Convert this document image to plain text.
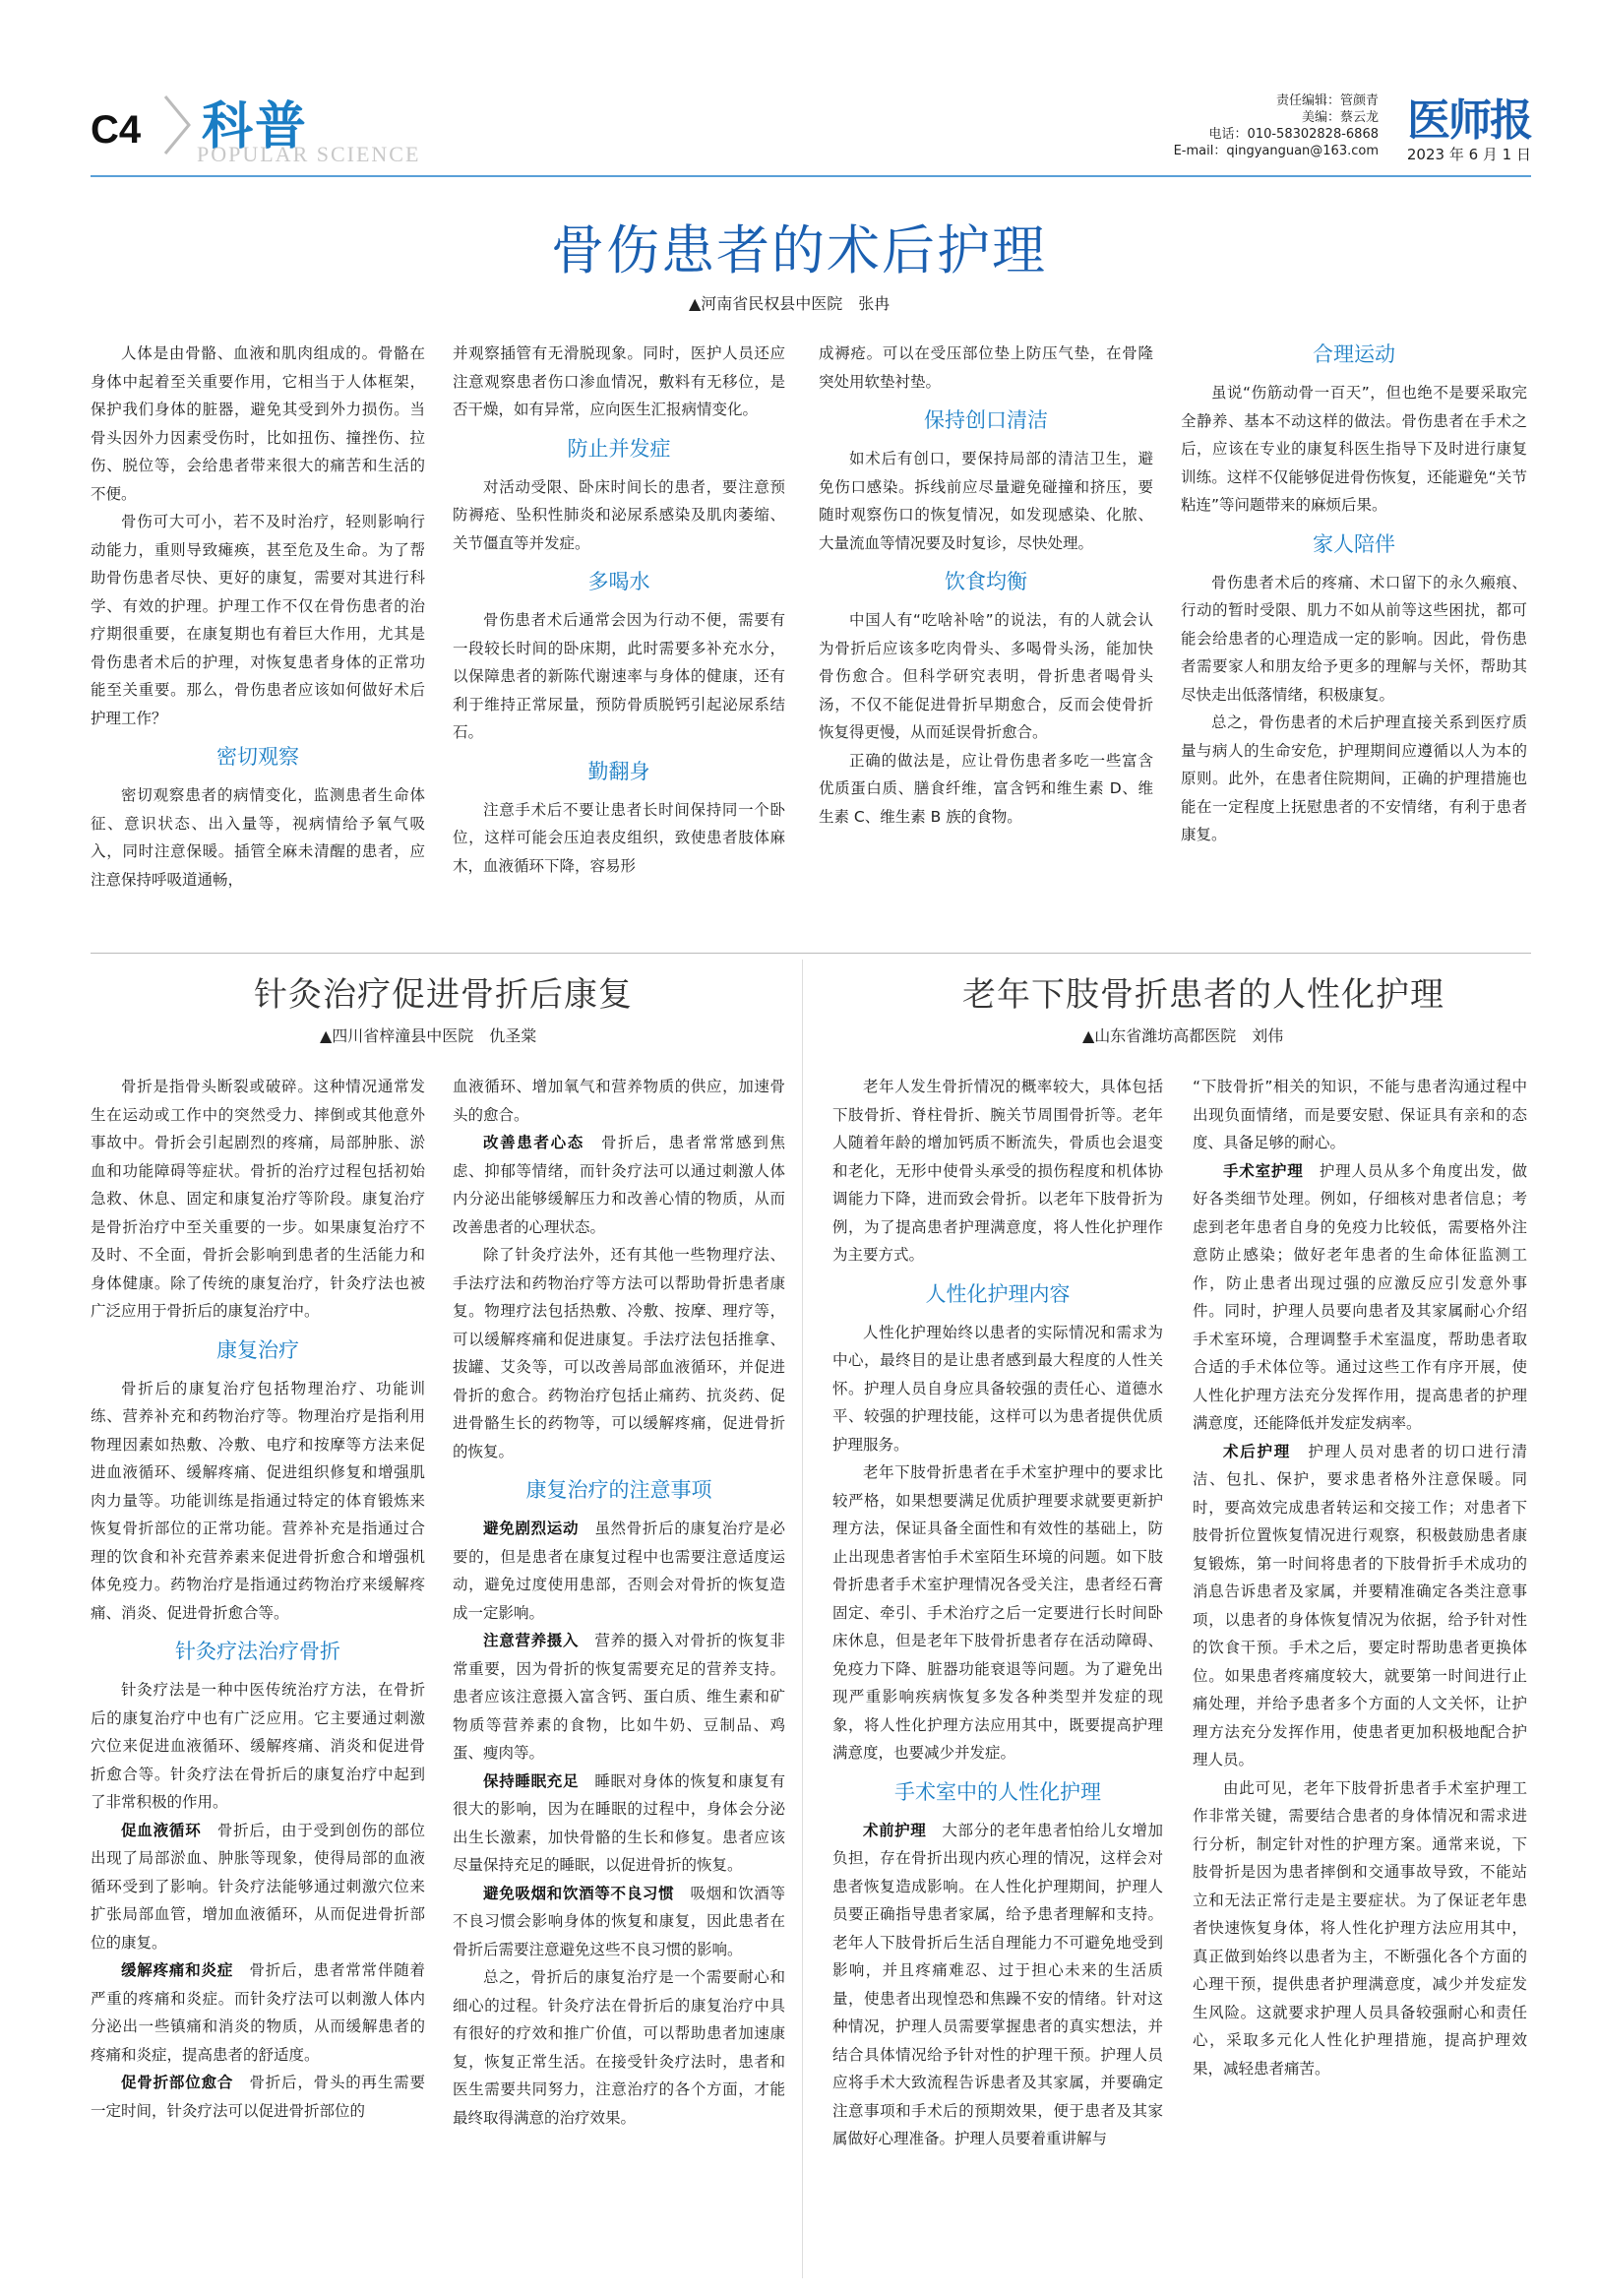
C4 科普
POPULAR SCIENCE
责任编辑：管颜青
美编：蔡云龙
电话：010-58302828-6868
E-mail：qingyanguan@163.com
医师报
2023 年 6 月 1 日
骨伤患者的术后护理
▲河南省民权县中医院　张冉

人体是由骨骼、血液和肌肉组成的。骨骼在身体中起着至关重要作用，它相当于人体框架，保护我们身体的脏器，避免其受到外力损伤。当骨头因外力因素受伤时，比如扭伤、撞挫伤、拉伤、脱位等，会给患者带来很大的痛苦和生活的不便。

骨伤可大可小，若不及时治疗，轻则影响行动能力，重则导致瘫痪，甚至危及生命。为了帮助骨伤患者尽快、更好的康复，需要对其进行科学、有效的护理。护理工作不仅在骨伤患者的治疗期很重要，在康复期也有着巨大作用，尤其是骨伤患者术后的护理，对恢复患者身体的正常功能至关重要。那么，骨伤患者应该如何做好术后护理工作？

密切观察

密切观察患者的病情变化，监测患者生命体征、意识状态、出入量等，视病情给予氧气吸入，同时注意保暖。插管全麻未清醒的患者，应注意保持呼吸道通畅，

并观察插管有无滑脱现象。同时，医护人员还应注意观察患者伤口渗血情况，敷料有无移位，是否干燥，如有异常，应向医生汇报病情变化。

防止并发症

对活动受限、卧床时间长的患者，要注意预防褥疮、坠积性肺炎和泌尿系感染及肌肉萎缩、关节僵直等并发症。

多喝水

骨伤患者术后通常会因为行动不便，需要有一段较长时间的卧床期，此时需要多补充水分，以保障患者的新陈代谢速率与身体的健康，还有利于维持正常尿量，预防骨质脱钙引起泌尿系结石。

勤翻身

注意手术后不要让患者长时间保持同一个卧位，这样可能会压迫表皮组织，致使患者肢体麻木，血液循环下降，容易形

成褥疮。可以在受压部位垫上防压气垫，在骨隆突处用软垫衬垫。

保持创口清洁

如术后有创口，要保持局部的清洁卫生，避免伤口感染。拆线前应尽量避免碰撞和挤压，要随时观察伤口的恢复情况，如发现感染、化脓、大量流血等情况要及时复诊，尽快处理。

饮食均衡

中国人有“吃啥补啥”的说法，有的人就会认为骨折后应该多吃肉骨头、多喝骨头汤，能加快骨伤愈合。但科学研究表明，骨折患者喝骨头汤，不仅不能促进骨折早期愈合，反而会使骨折恢复得更慢，从而延误骨折愈合。

正确的做法是，应让骨伤患者多吃一些富含优质蛋白质、膳食纤维，富含钙和维生素 D、维生素 C、维生素 B 族的食物。

合理运动

虽说“伤筋动骨一百天”，但也绝不是要采取完全静养、基本不动这样的做法。骨伤患者在手术之后，应该在专业的康复科医生指导下及时进行康复训练。这样不仅能够促进骨伤恢复，还能避免“关节粘连”等问题带来的麻烦后果。

家人陪伴

骨伤患者术后的疼痛、术口留下的永久瘢痕、行动的暂时受限、肌力不如从前等这些困扰，都可能会给患者的心理造成一定的影响。因此，骨伤患者需要家人和朋友给予更多的理解与关怀，帮助其尽快走出低落情绪，积极康复。

总之，骨伤患者的术后护理直接关系到医疗质量与病人的生命安危，护理期间应遵循以人为本的原则。此外，在患者住院期间，正确的护理措施也能在一定程度上抚慰患者的不安情绪，有利于患者康复。

针灸治疗促进骨折后康复
▲四川省梓潼县中医院　仇圣棠

骨折是指骨头断裂或破碎。这种情况通常发生在运动或工作中的突然受力、摔倒或其他意外事故中。骨折会引起剧烈的疼痛，局部肿胀、淤血和功能障碍等症状。骨折的治疗过程包括初始急救、休息、固定和康复治疗等阶段。康复治疗是骨折治疗中至关重要的一步。如果康复治疗不及时、不全面，骨折会影响到患者的生活能力和身体健康。除了传统的康复治疗，针灸疗法也被广泛应用于骨折后的康复治疗中。

康复治疗

骨折后的康复治疗包括物理治疗、功能训练、营养补充和药物治疗等。物理治疗是指利用物理因素如热敷、冷敷、电疗和按摩等方法来促进血液循环、缓解疼痛、促进组织修复和增强肌肉力量等。功能训练是指通过特定的体育锻炼来恢复骨折部位的正常功能。营养补充是指通过合理的饮食和补充营养素来促进骨折愈合和增强机体免疫力。药物治疗是指通过药物治疗来缓解疼痛、消炎、促进骨折愈合等。

针灸疗法治疗骨折

针灸疗法是一种中医传统治疗方法，在骨折后的康复治疗中也有广泛应用。它主要通过刺激穴位来促进血液循环、缓解疼痛、消炎和促进骨折愈合等。针灸疗法在骨折后的康复治疗中起到了非常积极的作用。

促血液循环　 骨折后，由于受到创伤的部位出现了局部淤血、肿胀等现象，使得局部的血液循环受到了影响。针灸疗法能够通过刺激穴位来扩张局部血管，增加血液循环，从而促进骨折部位的康复。

缓解疼痛和炎症　 骨折后，患者常常伴随着严重的疼痛和炎症。而针灸疗法可以刺激人体内分泌出一些镇痛和消炎的物质，从而缓解患者的疼痛和炎症，提高患者的舒适度。

促骨折部位愈合　 骨折后，骨头的再生需要一定时间，针灸疗法可以促进骨折部位的

血液循环、增加氧气和营养物质的供应，加速骨头的愈合。

改善患者心态　 骨折后，患者常常感到焦虑、抑郁等情绪，而针灸疗法可以通过刺激人体内分泌出能够缓解压力和改善心情的物质，从而改善患者的心理状态。

除了针灸疗法外，还有其他一些物理疗法、手法疗法和药物治疗等方法可以帮助骨折患者康复。物理疗法包括热敷、冷敷、按摩、理疗等，可以缓解疼痛和促进康复。手法疗法包括推拿、拔罐、艾灸等，可以改善局部血液循环，并促进骨折的愈合。药物治疗包括止痛药、抗炎药、促进骨骼生长的药物等，可以缓解疼痛，促进骨折的恢复。

康复治疗的注意事项

避免剧烈运动　 虽然骨折后的康复治疗是必要的，但是患者在康复过程中也需要注意适度运动，避免过度使用患部，否则会对骨折的恢复造成一定影响。

注意营养摄入　 营养的摄入对骨折的恢复非常重要，因为骨折的恢复需要充足的营养支持。患者应该注意摄入富含钙、蛋白质、维生素和矿物质等营养素的食物，比如牛奶、豆制品、鸡蛋、瘦肉等。

保持睡眠充足　 睡眠对身体的恢复和康复有很大的影响，因为在睡眠的过程中，身体会分泌出生长激素，加快骨骼的生长和修复。患者应该尽量保持充足的睡眠，以促进骨折的恢复。

避免吸烟和饮酒等不良习惯　 吸烟和饮酒等不良习惯会影响身体的恢复和康复，因此患者在骨折后需要注意避免这些不良习惯的影响。

总之，骨折后的康复治疗是一个需要耐心和细心的过程。针灸疗法在骨折后的康复治疗中具有很好的疗效和推广价值，可以帮助患者加速康复，恢复正常生活。在接受针灸疗法时，患者和医生需要共同努力，注意治疗的各个方面，才能最终取得满意的治疗效果。

老年下肢骨折患者的人性化护理
▲山东省潍坊高都医院　刘伟

老年人发生骨折情况的概率较大，具体包括下肢骨折、脊柱骨折、腕关节周围骨折等。老年人随着年龄的增加钙质不断流失，骨质也会退变和老化，无形中使骨头承受的损伤程度和机体协调能力下降，进而致会骨折。以老年下肢骨折为例，为了提高患者护理满意度，将人性化护理作为主要方式。

人性化护理内容

人性化护理始终以患者的实际情况和需求为中心，最终目的是让患者感到最大程度的人性关怀。护理人员自身应具备较强的责任心、道德水平、较强的护理技能，这样可以为患者提供优质护理服务。

老年下肢骨折患者在手术室护理中的要求比较严格，如果想要满足优质护理要求就要更新护理方法，保证具备全面性和有效性的基础上，防止出现患者害怕手术室陌生环境的问题。如下肢骨折患者手术室护理情况各受关注，患者经石膏固定、牵引、手术治疗之后一定要进行长时间卧床休息，但是老年下肢骨折患者存在活动障碍、免疫力下降、脏器功能衰退等问题。为了避免出现严重影响疾病恢复多发各种类型并发症的现象，将人性化护理方法应用其中，既要提高护理满意度，也要减少并发症。

手术室中的人性化护理

术前护理　 大部分的老年患者怕给儿女增加负担，存在骨折出现内疚心理的情况，这样会对患者恢复造成影响。在人性化护理期间，护理人员要正确指导患者家属，给予患者理解和支持。老年人下肢骨折后生活自理能力不可避免地受到影响，并且疼痛难忍、过于担心未来的生活质量，使患者出现惶恐和焦躁不安的情绪。针对这种情况，护理人员需要掌握患者的真实想法，并结合具体情况给予针对性的护理干预。护理人员应将手术大致流程告诉患者及其家属，并要确定注意事项和手术后的预期效果，便于患者及其家属做好心理准备。护理人员要着重讲解与

“下肢骨折”相关的知识，不能与患者沟通过程中出现负面情绪，而是要安慰、保证具有亲和的态度、具备足够的耐心。

手术室护理　 护理人员从多个角度出发，做好各类细节处理。例如，仔细核对患者信息；考虑到老年患者自身的免疫力比较低，需要格外注意防止感染；做好老年患者的生命体征监测工作，防止患者出现过强的应激反应引发意外事件。同时，护理人员要向患者及其家属耐心介绍手术室环境，合理调整手术室温度，帮助患者取合适的手术体位等。通过这些工作有序开展，使人性化护理方法充分发挥作用，提高患者的护理满意度，还能降低并发症发病率。

术后护理　 护理人员对患者的切口进行清洁、包扎、保护，要求患者格外注意保暖。同时，要高效完成患者转运和交接工作；对患者下肢骨折位置恢复情况进行观察，积极鼓励患者康复锻炼，第一时间将患者的下肢骨折手术成功的消息告诉患者及家属，并要精准确定各类注意事项，以患者的身体恢复情况为依据，给予针对性的饮食干预。手术之后，要定时帮助患者更换体位。如果患者疼痛度较大，就要第一时间进行止痛处理，并给予患者多个方面的人文关怀，让护理方法充分发挥作用，使患者更加积极地配合护理人员。

由此可见，老年下肢骨折患者手术室护理工作非常关键，需要结合患者的身体情况和需求进行分析，制定针对性的护理方案。通常来说，下肢骨折是因为患者摔倒和交通事故导致，不能站立和无法正常行走是主要症状。为了保证老年患者快速恢复身体，将人性化护理方法应用其中，真正做到始终以患者为主，不断强化各个方面的心理干预，提供患者护理满意度，减少并发症发生风险。这就要求护理人员具备较强耐心和责任心，采取多元化人性化护理措施，提高护理效果，减轻患者痛苦。
